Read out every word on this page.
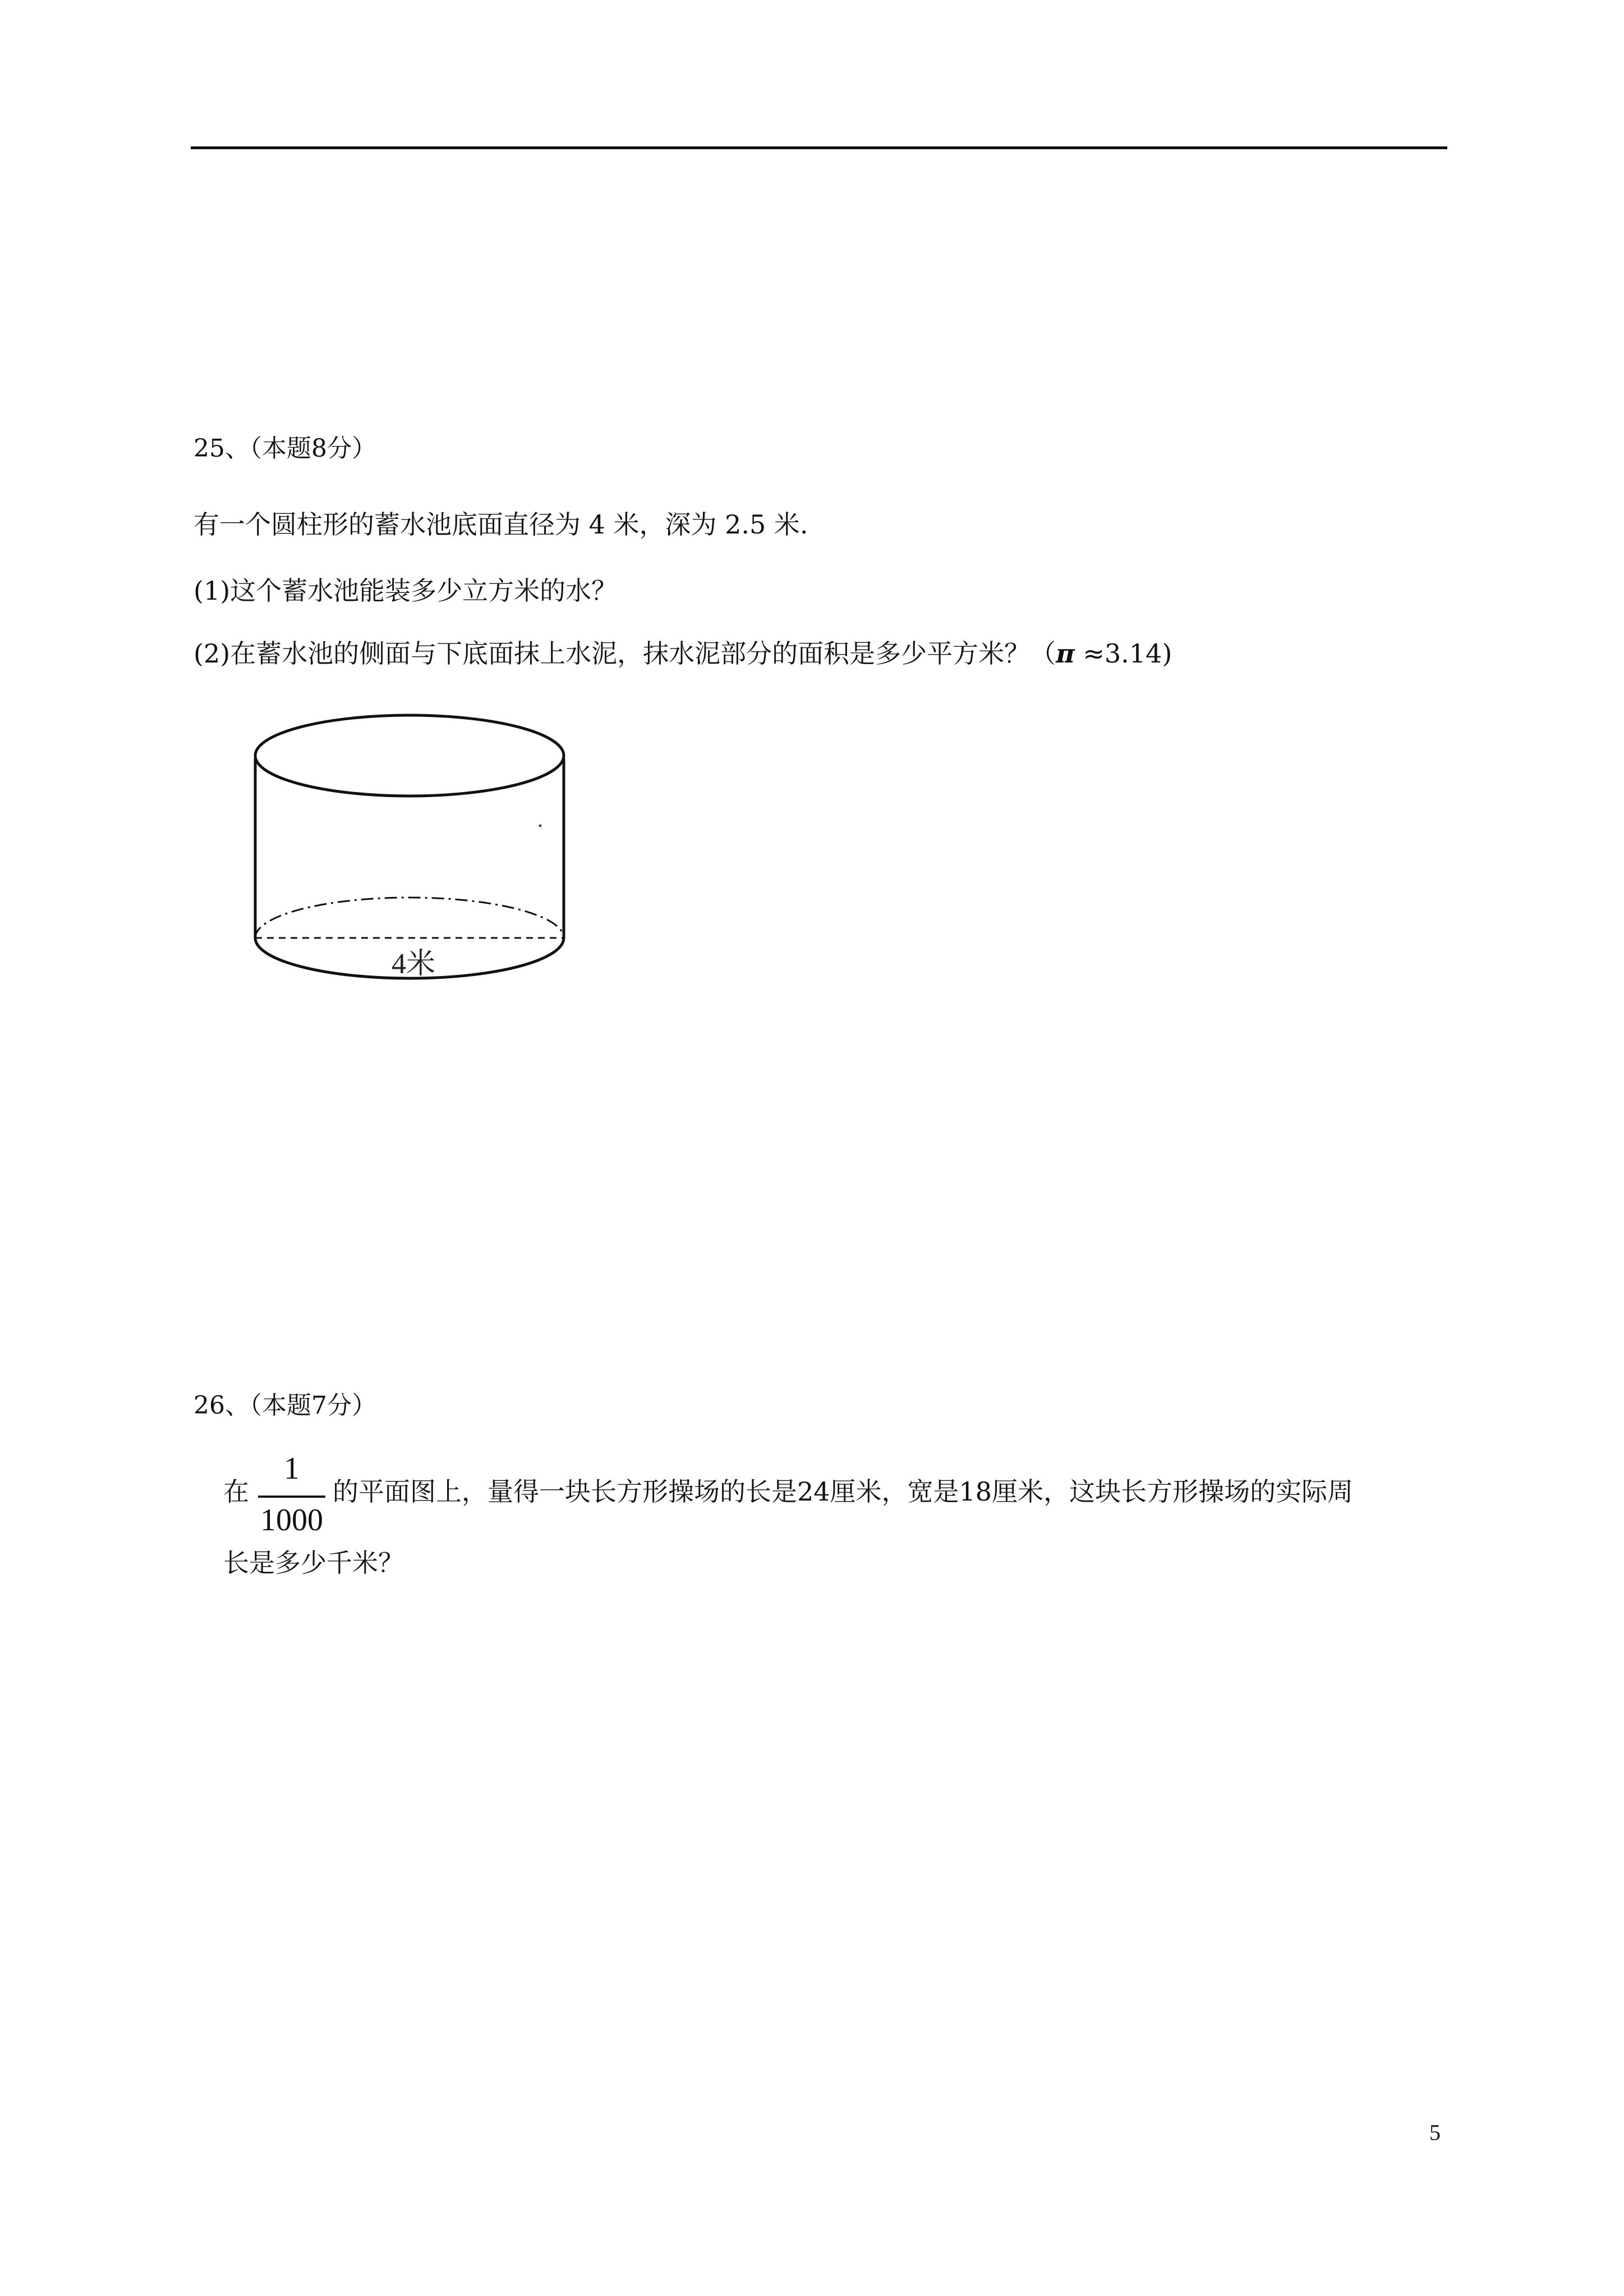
25、（本题8分）
有一个圆柱形的蓄水池底面直径为 4 米，深为 2.5 米.
(1)这个蓄水池能装多少立方米的水？
(2)在蓄水池的侧面与下底面抹上水泥，抹水泥部分的面积是多少平方米？（π ≈3.14)
4米
26、（本题7分）
在
1
1000
的平面图上，量得一块长方形操场的长是24厘米，宽是18厘米，这块长方形操场的实际周
长是多少千米？
5
